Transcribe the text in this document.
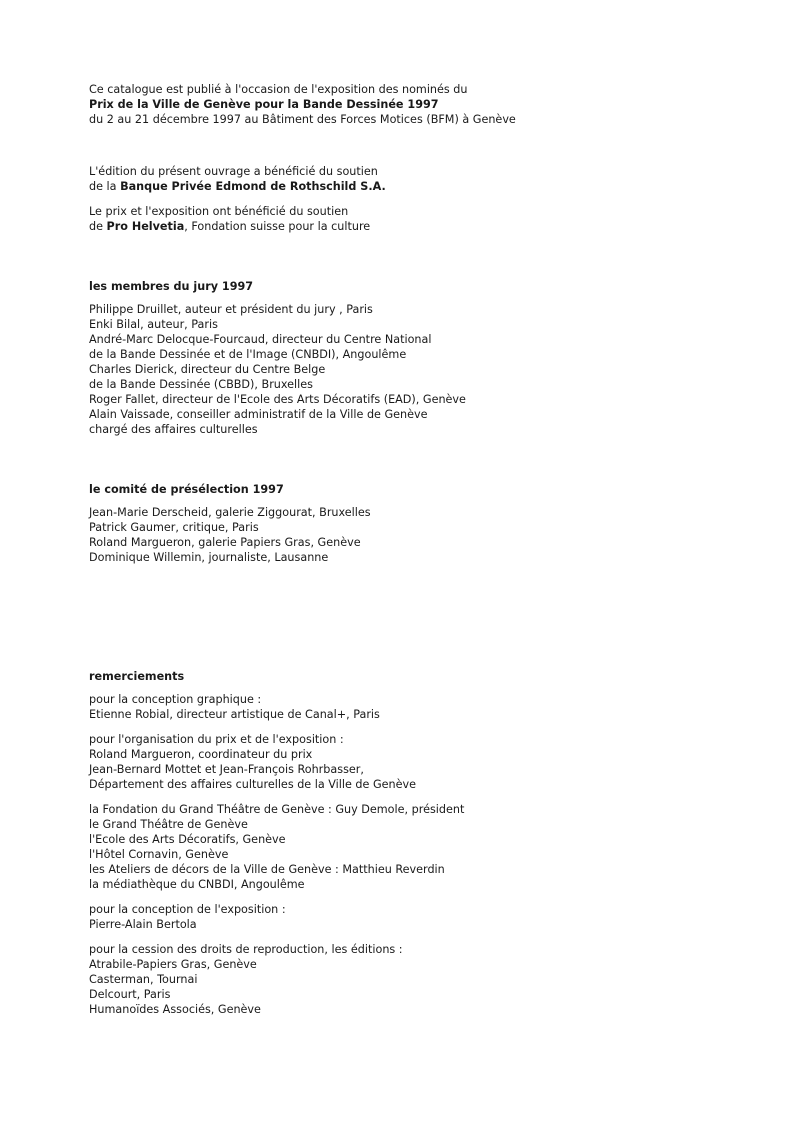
Ce catalogue est publié à l'occasion de l'exposition des nominés du
Prix de la Ville de Genève pour la Bande Dessinée 1997
du 2 au 21 décembre 1997 au Bâtiment des Forces Motices (BFM) à Genève
L'édition du présent ouvrage a bénéficié du soutien
de la Banque Privée Edmond de Rothschild S.A.
Le prix et l'exposition ont bénéficié du soutien
de Pro Helvetia, Fondation suisse pour la culture
les membres du jury 1997
Philippe Druillet, auteur et président du jury , Paris
Enki Bilal, auteur, Paris
André-Marc Delocque-Fourcaud, directeur du Centre National
de la Bande Dessinée et de l'Image (CNBDI), Angoulême
Charles Dierick, directeur du Centre Belge
de la Bande Dessinée (CBBD), Bruxelles
Roger Fallet, directeur de l'Ecole des Arts Décoratifs (EAD), Genève
Alain Vaissade, conseiller administratif de la Ville de Genève
chargé des affaires culturelles
le comité de présélection 1997
Jean-Marie Derscheid, galerie Ziggourat, Bruxelles
Patrick Gaumer, critique, Paris
Roland Margueron, galerie Papiers Gras, Genève
Dominique Willemin, journaliste, Lausanne
remerciements
pour la conception graphique :
Etienne Robial, directeur artistique de Canal+, Paris
pour l'organisation du prix et de l'exposition :
Roland Margueron, coordinateur du prix
Jean-Bernard Mottet et Jean-François Rohrbasser,
Département des affaires culturelles de la Ville de Genève
la Fondation du Grand Théâtre de Genève : Guy Demole, président
le Grand Théâtre de Genève
l'Ecole des Arts Décoratifs, Genève
l'Hôtel Cornavin, Genève
les Ateliers de décors de la Ville de Genève : Matthieu Reverdin
la médiathèque du CNBDI, Angoulême
pour la conception de l'exposition :
Pierre-Alain Bertola
pour la cession des droits de reproduction, les éditions :
Atrabile-Papiers Gras, Genève
Casterman, Tournai
Delcourt, Paris
Humanoïdes Associés, Genève
